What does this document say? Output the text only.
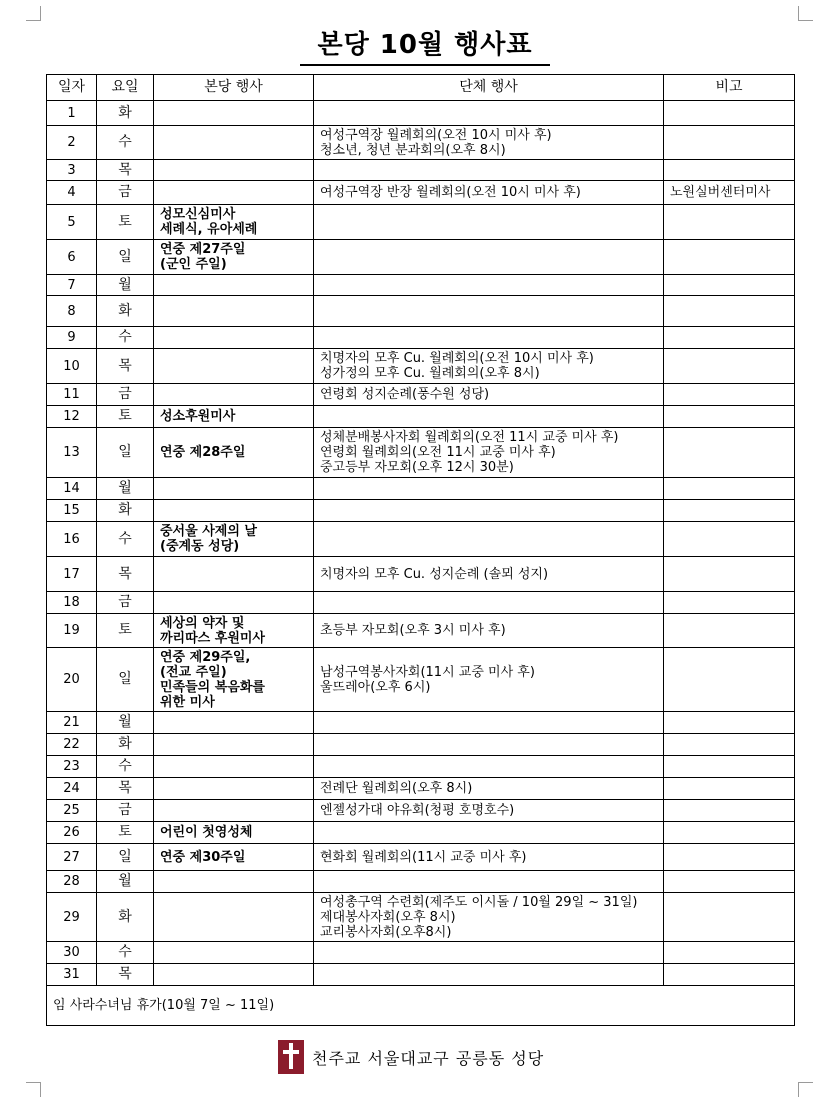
본당 10월 행사표
일자	요일	본당 행사	단체 행사	비고
1	화			
2	수		여성구역장 월례회의(오전 10시 미사 후)
청소년, 청년 분과회의(오후 8시)	

3	목			
4	금		여성구역장 반장 월례회의(오전 10시 미사 후)	노원실버센터미사
5	토	성모신심미사
세례식, 유아세례		

6	일	연중 제27주일
(군인 주일)		

7	월			
8	화			
9	수			
10	목		치명자의 모후 Cu. 월례회의(오전 10시 미사 후)
성가정의 모후 Cu. 월례회의(오후 8시)	

11	금		연령회 성지순례(풍수원 성당)	

12	토	성소후원미사		

13	일	연중 제28주일	성체분배봉사자회 월례회의(오전 11시 교중 미사 후)
연령회 월례회의(오전 11시 교중 미사 후)
중고등부 자모회(오후 12시 30분)	

14	월			
15	화			
16	수	중서울 사제의 날
(중계동 성당)		

17	목		치명자의 모후 Cu. 성지순례 (솔뫼 성지)	

18	금			
19	토	세상의 약자 및
까리따스 후원미사	초등부 자모회(오후 3시 미사 후)	

20	일	연중 제29주일,
(전교 주일)
민족들의 복음화를
위한 미사	남성구역봉사자회(11시 교중 미사 후)
울뜨레아(오후 6시)	

21	월			
22	화			
23	수			
24	목		전례단 월례회의(오후 8시)	

25	금		엔젤성가대 야유회(청평 호명호수)	

26	토	어린이 첫영성체		

27	일	연중 제30주일	현화회 월례회의(11시 교중 미사 후)	

28	월			
29	화		여성총구역 수련회(제주도 이시돌 / 10월 29일 ~ 31일)
제대봉사자회(오후 8시)
교리봉사자회(오후8시)	

30	수			
31	목			
임 사라수녀님 휴가(10월 7일 ~ 11일)				
천주교 서울대교구 공릉동 성당
